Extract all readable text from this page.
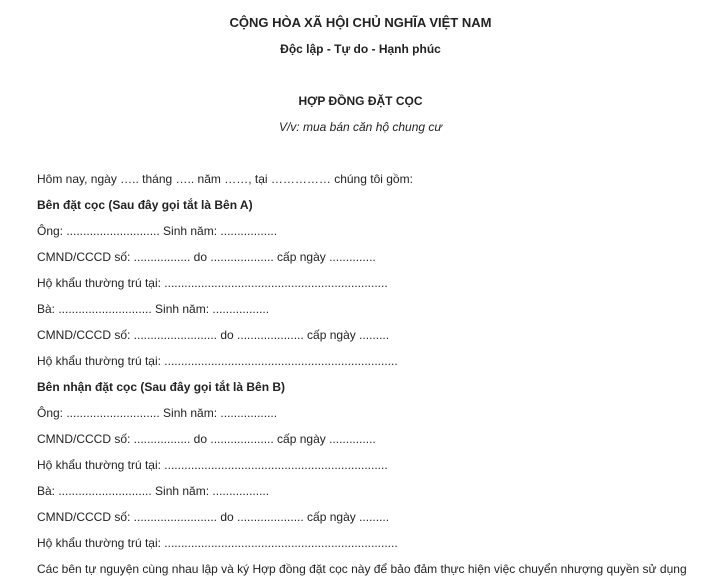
CỘNG HÒA XÃ HỘI CHỦ NGHĨA VIỆT NAM
Độc lập - Tự do - Hạnh phúc
HỢP ĐỒNG ĐẶT CỌC
V/v: mua bán căn hộ chung cư
Hôm nay, ngày ….. tháng ….. năm ……, tại …………… chúng tôi gồm:
Bên đặt cọc (Sau đây gọi tắt là Bên A)
Ông: ............................ Sinh năm: .................
CMND/CCCD số: ................. do ................... cấp ngày ..............
Hộ khẩu thường trú tại: ...................................................................
Bà: ............................ Sinh năm: .................
CMND/CCCD số: ......................... do .................... cấp ngày .........
Hộ khẩu thường trú tại: ......................................................................
Bên nhận đặt cọc (Sau đây gọi tắt là Bên B)
Ông: ............................ Sinh năm: .................
CMND/CCCD số: ................. do ................... cấp ngày ..............
Hộ khẩu thường trú tại: ...................................................................
Bà: ............................ Sinh năm: .................
CMND/CCCD số: ......................... do .................... cấp ngày .........
Hộ khẩu thường trú tại: ......................................................................
Các bên tự nguyện cùng nhau lập và ký Hợp đồng đặt cọc này để bảo đảm thực hiện việc chuyển nhượng quyền sử dụng
